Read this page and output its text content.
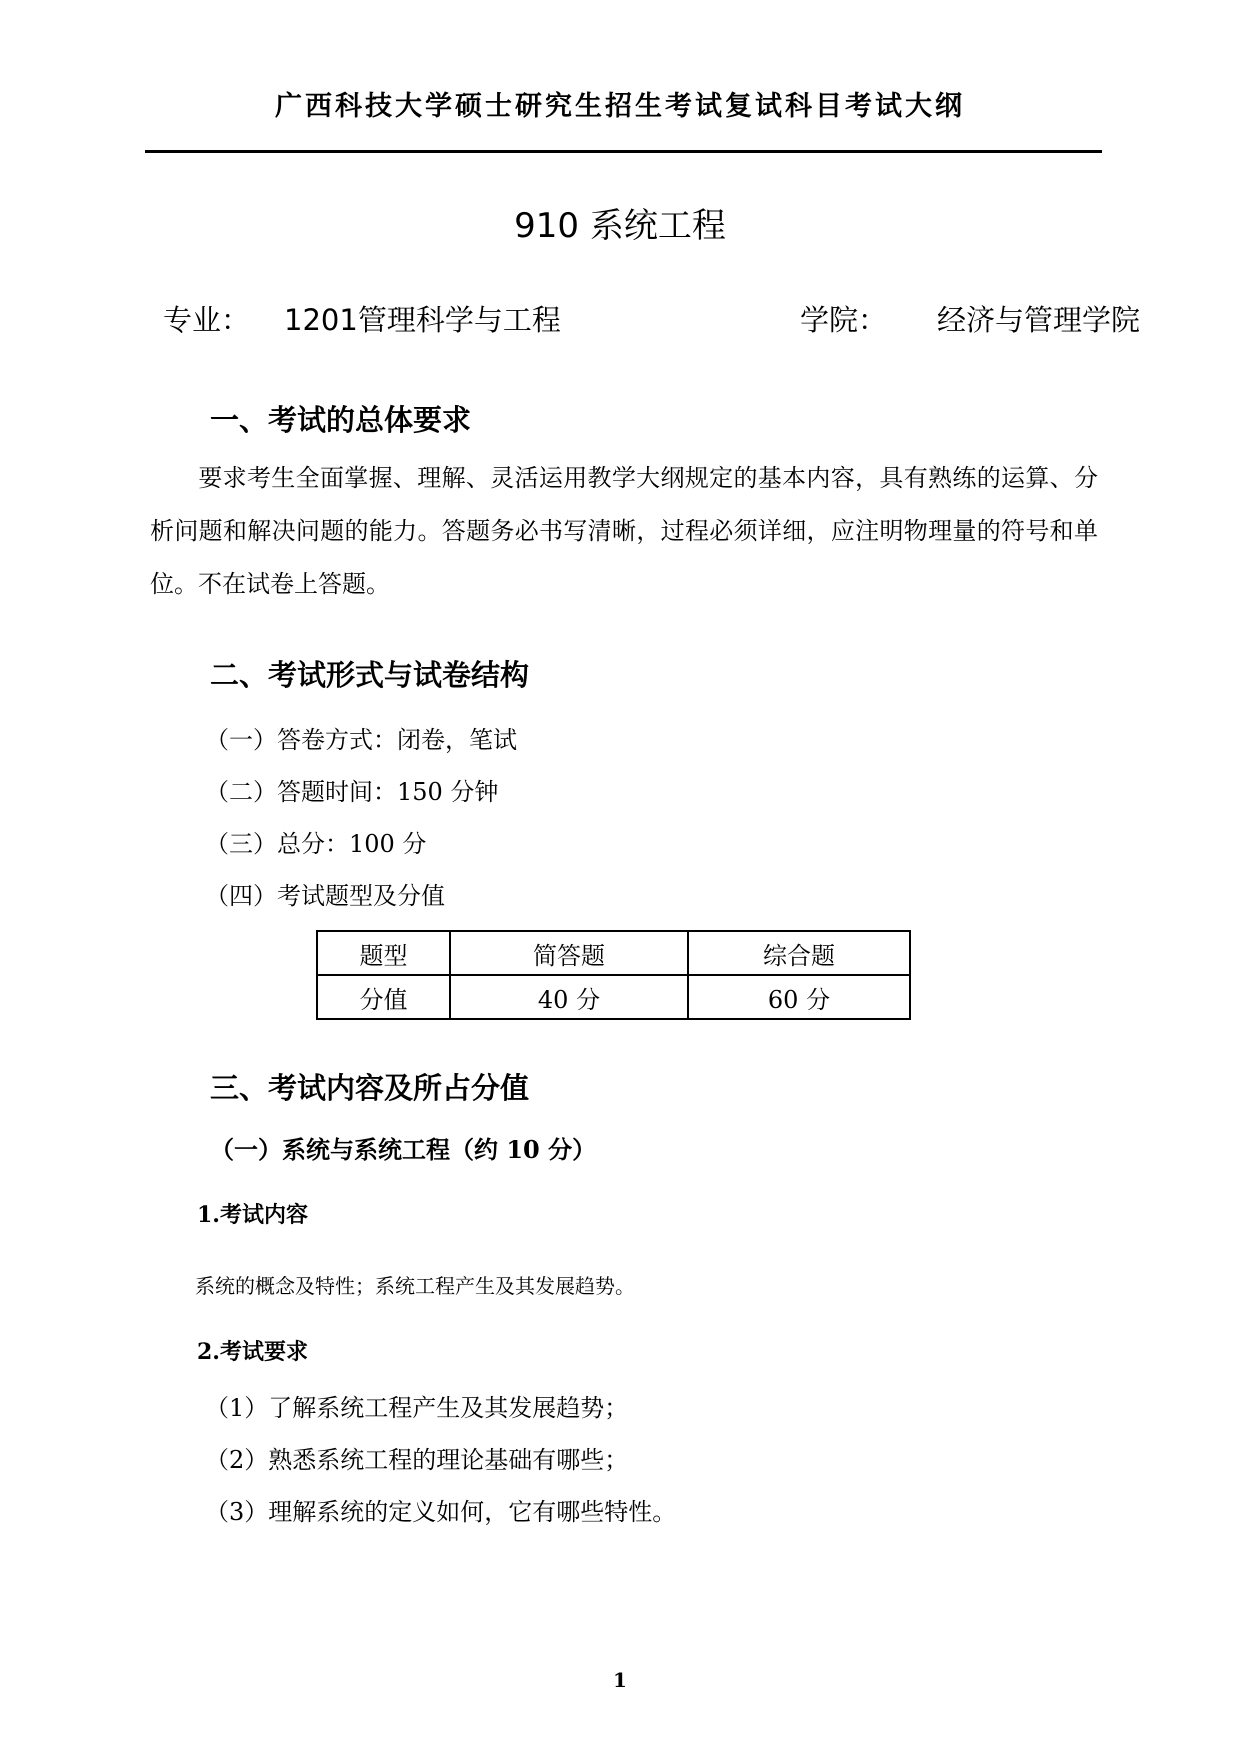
广西科技大学硕士研究生招生考试复试科目考试大纲
910 系统工程
专业： 1201管理科学与工程	学院： 经济与管理学院
一、考试的总体要求
要求考生全面掌握、理解、灵活运用教学大纲规定的基本内容，具有熟练的运算、分析问题和解决问题的能力。答题务必书写清晰，过程必须详细，应注明物理量的符号和单位。不在试卷上答题。
二、考试形式与试卷结构
（一）答卷方式：闭卷，笔试
（二）答题时间：150 分钟
（三）总分：100 分
（四）考试题型及分值
题型	简答题	综合题
分值	40 分	60 分
三、考试内容及所占分值
（一）系统与系统工程（约 10 分）
1.考试内容
系统的概念及特性；系统工程产生及其发展趋势。
2.考试要求
（1）了解系统工程产生及其发展趋势；
（2）熟悉系统工程的理论基础有哪些；
（3）理解系统的定义如何，它有哪些特性。
1
